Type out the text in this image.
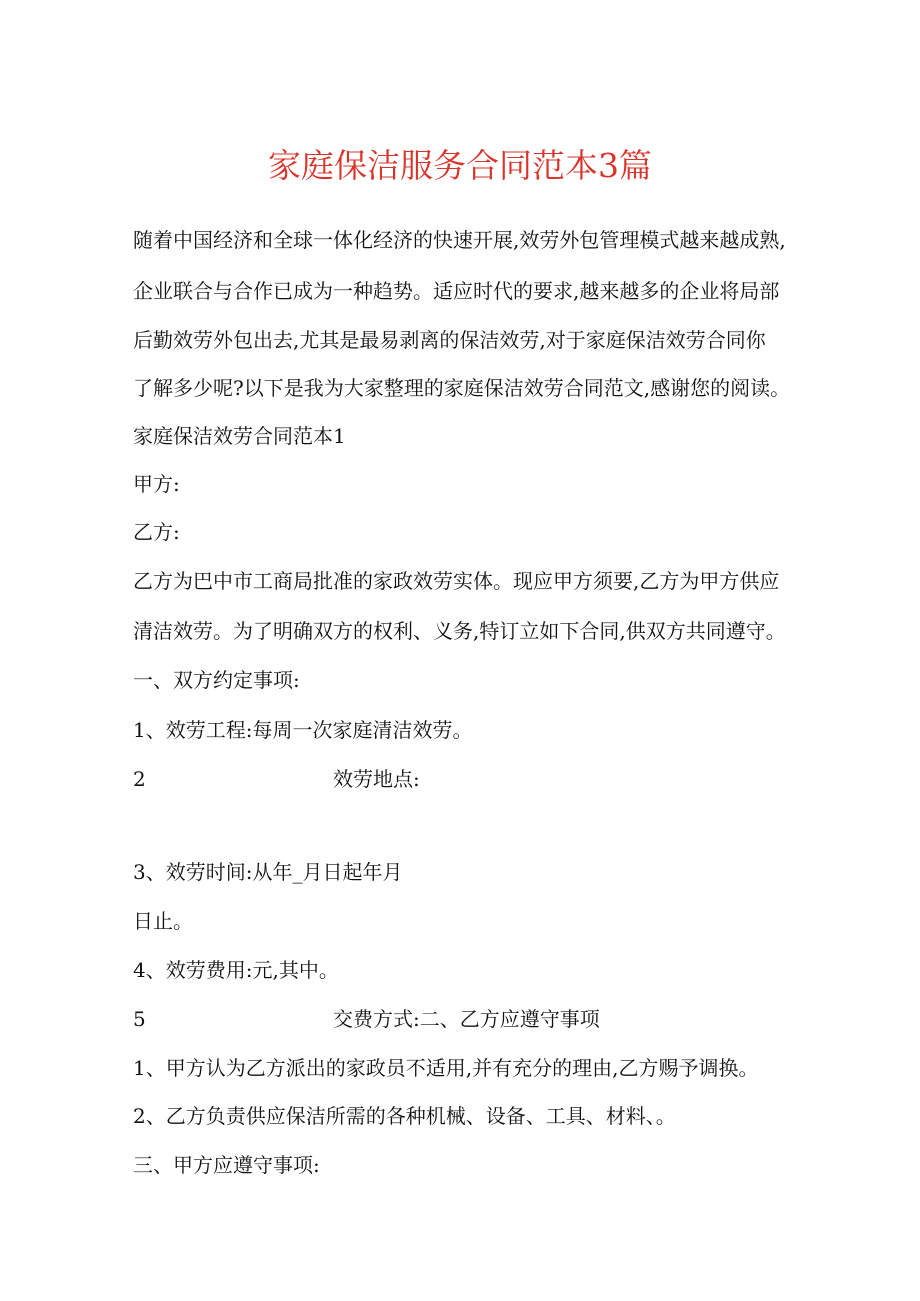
家庭保洁服务合同范本3篇

随着中国经济和全球一体化经济的快速开展,效劳外包管理模式越来越成熟,

企业联合与合作已成为一种趋势。适应时代的要求,越来越多的企业将局部

后勤效劳外包出去,尤其是最易剥离的保洁效劳,对于家庭保洁效劳合同你

了解多少呢?以下是我为大家整理的家庭保洁效劳合同范文,感谢您的阅读。

家庭保洁效劳合同范本1

甲方:

乙方:

乙方为巴中市工商局批准的家政效劳实体。现应甲方须要,乙方为甲方供应

清洁效劳。为了明确双方的权利、义务,特订立如下合同,供双方共同遵守。

一、双方约定事项:

1、效劳工程:每周一次家庭清洁效劳。

2	效劳地点:

3、效劳时间:从年_月日起年月

日止。

4、效劳费用:元,其中。

5	交费方式:二、乙方应遵守事项

1、甲方认为乙方派出的家政员不适用,并有充分的理由,乙方赐予调换。

2、乙方负责供应保洁所需的各种机械、设备、工具、材料、。

三、甲方应遵守事项:
